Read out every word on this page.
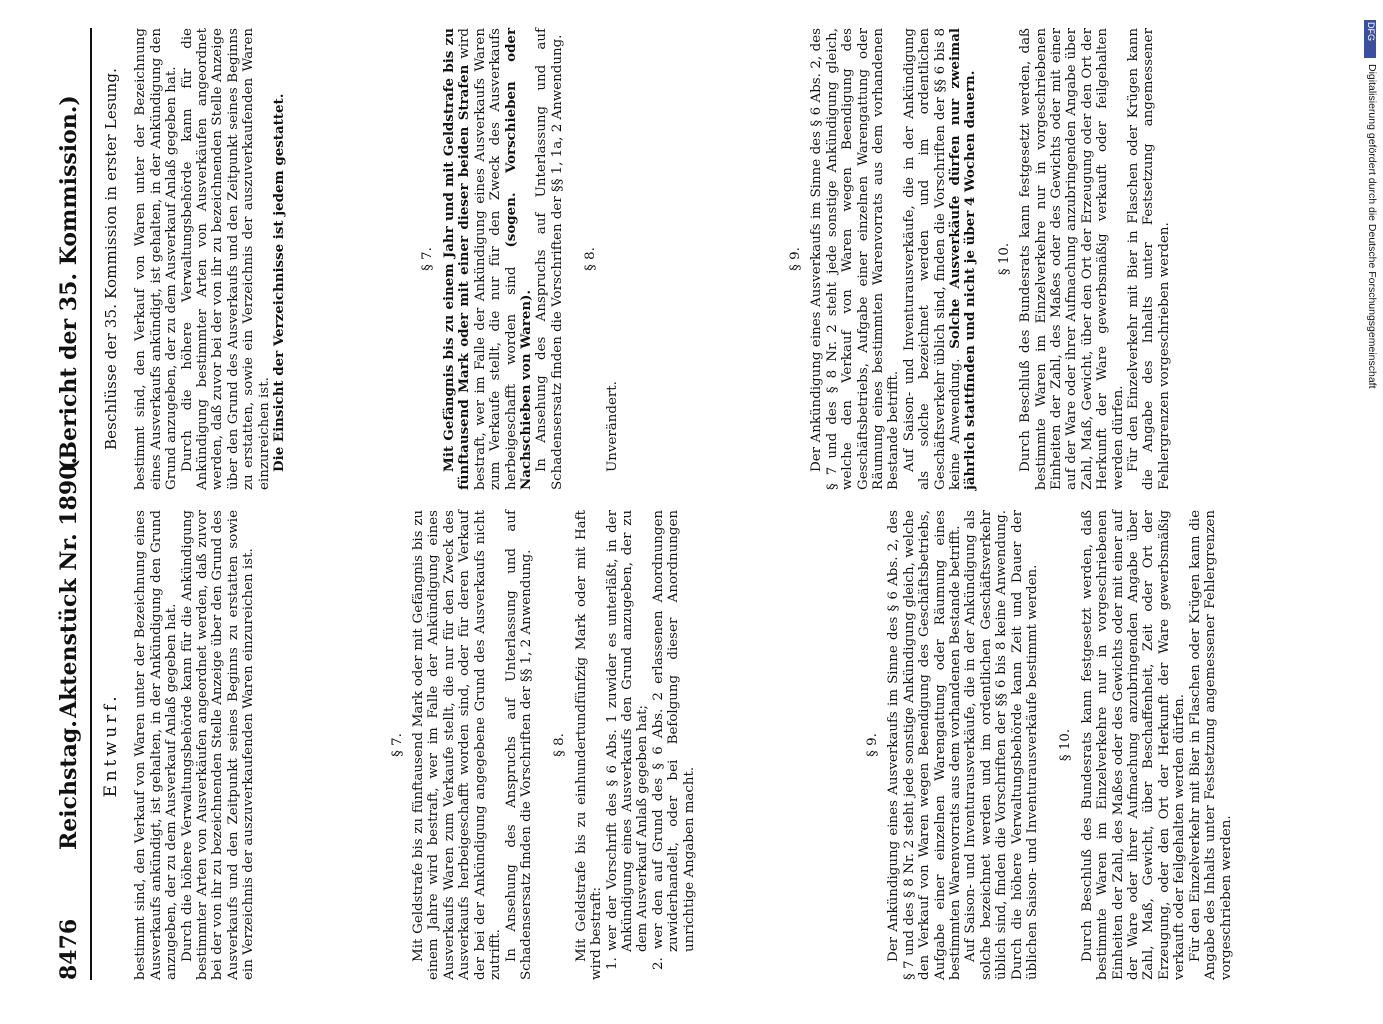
8476
Reichstag.
Aktenstück Nr. 1890.
(Bericht der 35. Kommission.)

Entwurf. bestimmt sind, den Verkauf von Waren unter der Bezeichnung eines Ausverkaufs ankündigt, ist gehalten, in der Ankündigung den Grund anzugeben, der zu dem Ausverkauf Anlaß gegeben hat. Durch die höhere Verwaltungsbehörde kann für die Ankündigung bestimmter Arten von Ausverkäufen angeordnet werden, daß zuvor bei der von ihr zu bezeichnenden Stelle Anzeige über den Grund des Ausverkaufs und den Zeitpunkt seines Beginns zu erstatten sowie ein Verzeichnis der auszuverkaufenden Waren einzureichen ist.	§ 7. Mit Geldstrafe bis zu fünftausend Mark oder mit Gefängnis bis zu einem Jahre wird bestraft, wer im Falle der Ankündigung eines Ausverkaufs Waren zum Verkaufe stellt, die nur für den Zweck des Ausverkaufs herbeigeschafft worden sind, oder für deren Verkauf der bei der Ankündigung angegebene Grund des Ausverkaufs nicht zutrifft. In Ansehung des Anspruchs auf Unterlassung und auf Schadensersatz finden die Vorschriften der §§ 1, 2 Anwendung. § 8. Mit Geldstrafe bis zu einhundertundfünfzig Mark oder mit Haft wird bestraft: 1. wer der Vorschrift des § 6 Abs. 1 zuwider es unterläßt, in der Ankündigung eines Ausverkaufs den Grund anzugeben, der zu dem Ausverkauf Anlaß gegeben hat; 2. wer den auf Grund des § 6 Abs. 2 erlassenen Anordnungen zuwiderhandelt, oder bei Befolgung dieser Anordnungen unrichtige Angaben macht.

§ 9. Der Ankündigung eines Ausverkaufs im Sinne des § 6 Abs. 2, des § 7 und des § 8 Nr. 2 steht jede sonstige Ankündigung gleich, welche den Verkauf von Waren wegen Beendigung des Geschäftsbetriebs, Aufgabe einer einzelnen Warengattung oder Räumung eines bestimmten Warenvorrats aus dem vorhandenen Bestande betrifft. Auf Saison- und Inventurausverkäufe, die in der Ankündigung als solche bezeichnet werden und im ordentlichen Geschäftsverkehr üblich sind, finden die Vorschriften der §§ 6 bis 8 keine Anwendung. Durch die höhere Verwaltungsbehörde kann Zeit und Dauer der üblichen Saison- und Inventurausverkäufe bestimmt werden. § 10. Durch Beschluß des Bundesrats kann festgesetzt werden, daß bestimmte Waren im Einzelverkehre nur in vorgeschriebenen Einheiten der Zahl, des Maßes oder des Gewichts oder mit einer auf der Ware oder ihrer Aufmachung anzubringenden Angabe über Zahl, Maß, Gewicht, über Beschaffenheit, Zeit oder Ort der Erzeugung, oder den Ort der Herkunft der Ware gewerbsmäßig verkauft oder feilgehalten werden dürfen. Für den Einzelverkehr mit Bier in Flaschen oder Krügen kann die Angabe des Inhalts unter Festsetzung angemessener Fehlergrenzen vorgeschrieben werden.

Beschlüsse der 35. Kommission in erster Lesung. bestimmt sind, den Verkauf von Waren unter der Bezeichnung eines Ausverkaufs ankündigt, ist gehalten, in der Ankündigung den Grund anzugeben, der zu dem Ausverkauf Anlaß gegeben hat. Durch die höhere Verwaltungsbehörde kann für die Ankündigung bestimmter Arten von Ausverkäufen angeordnet werden, daß zuvor bei der von ihr zu bezeichnenden Stelle Anzeige über den Grund des Ausverkaufs und den Zeitpunkt seines Beginns zu erstatten, sowie ein Verzeichnis der auszuverkaufenden Waren einzureichen ist. Die Einsicht der Verzeichnisse ist jedem gestattet.	§ 7. Mit Gefängnis bis zu einem Jahr und mit Geldstrafe bis zu fünftausend Mark oder mit einer dieser beiden Strafen wird bestraft, wer im Falle der Ankündigung eines Ausverkaufs Waren zum Verkaufe stellt, die nur für den Zweck des Ausverkaufs herbeigeschafft worden sind (sogen. Vorschieben oder Nachschieben von Waren). In Ansehung des Anspruchs auf Unterlassung und auf Schadensersatz finden die Vorschriften der §§ 1, 1a, 2 Anwendung. § 8.

Unverändert.

§ 9. Der Ankündigung eines Ausverkaufs im Sinne des § 6 Abs. 2, des § 7 und des § 8 Nr. 2 steht jede sonstige Ankündigung gleich, welche den Verkauf von Waren wegen Beendigung des Geschäftsbetriebs, Aufgabe einer einzelnen Warengattung oder Räumung eines bestimmten Warenvorrats aus dem vorhandenen Bestande betrifft. Auf Saison- und Inventurausverkäufe, die in der Ankündigung als solche bezeichnet werden und im ordentlichen Geschäftsverkehr üblich sind, finden die Vorschriften der §§ 6 bis 8 keine Anwendung. Solche Ausverkäufe dürfen nur zweimal jährlich stattfinden und nicht je über 4 Wochen dauern. § 10. Durch Beschluß des Bundesrats kann festgesetzt werden, daß bestimmte Waren im Einzelverkehre nur in vorgeschriebenen Einheiten der Zahl, des Maßes oder des Gewichts oder mit einer auf der Ware oder ihrer Aufmachung anzubringenden Angabe über Zahl, Maß, Gewicht, über den Ort der Erzeugung oder den Ort der Herkunft der Ware gewerbsmäßig verkauft oder feilgehalten werden dürfen. Für den Einzelverkehr mit Bier in Flaschen oder Krügen kann die Angabe des Inhalts unter Festsetzung angemessener Fehlergrenzen vorgeschrieben werden.

DFG
Digitalisierung gefördert durch die Deutsche Forschungsgemeinschaft
